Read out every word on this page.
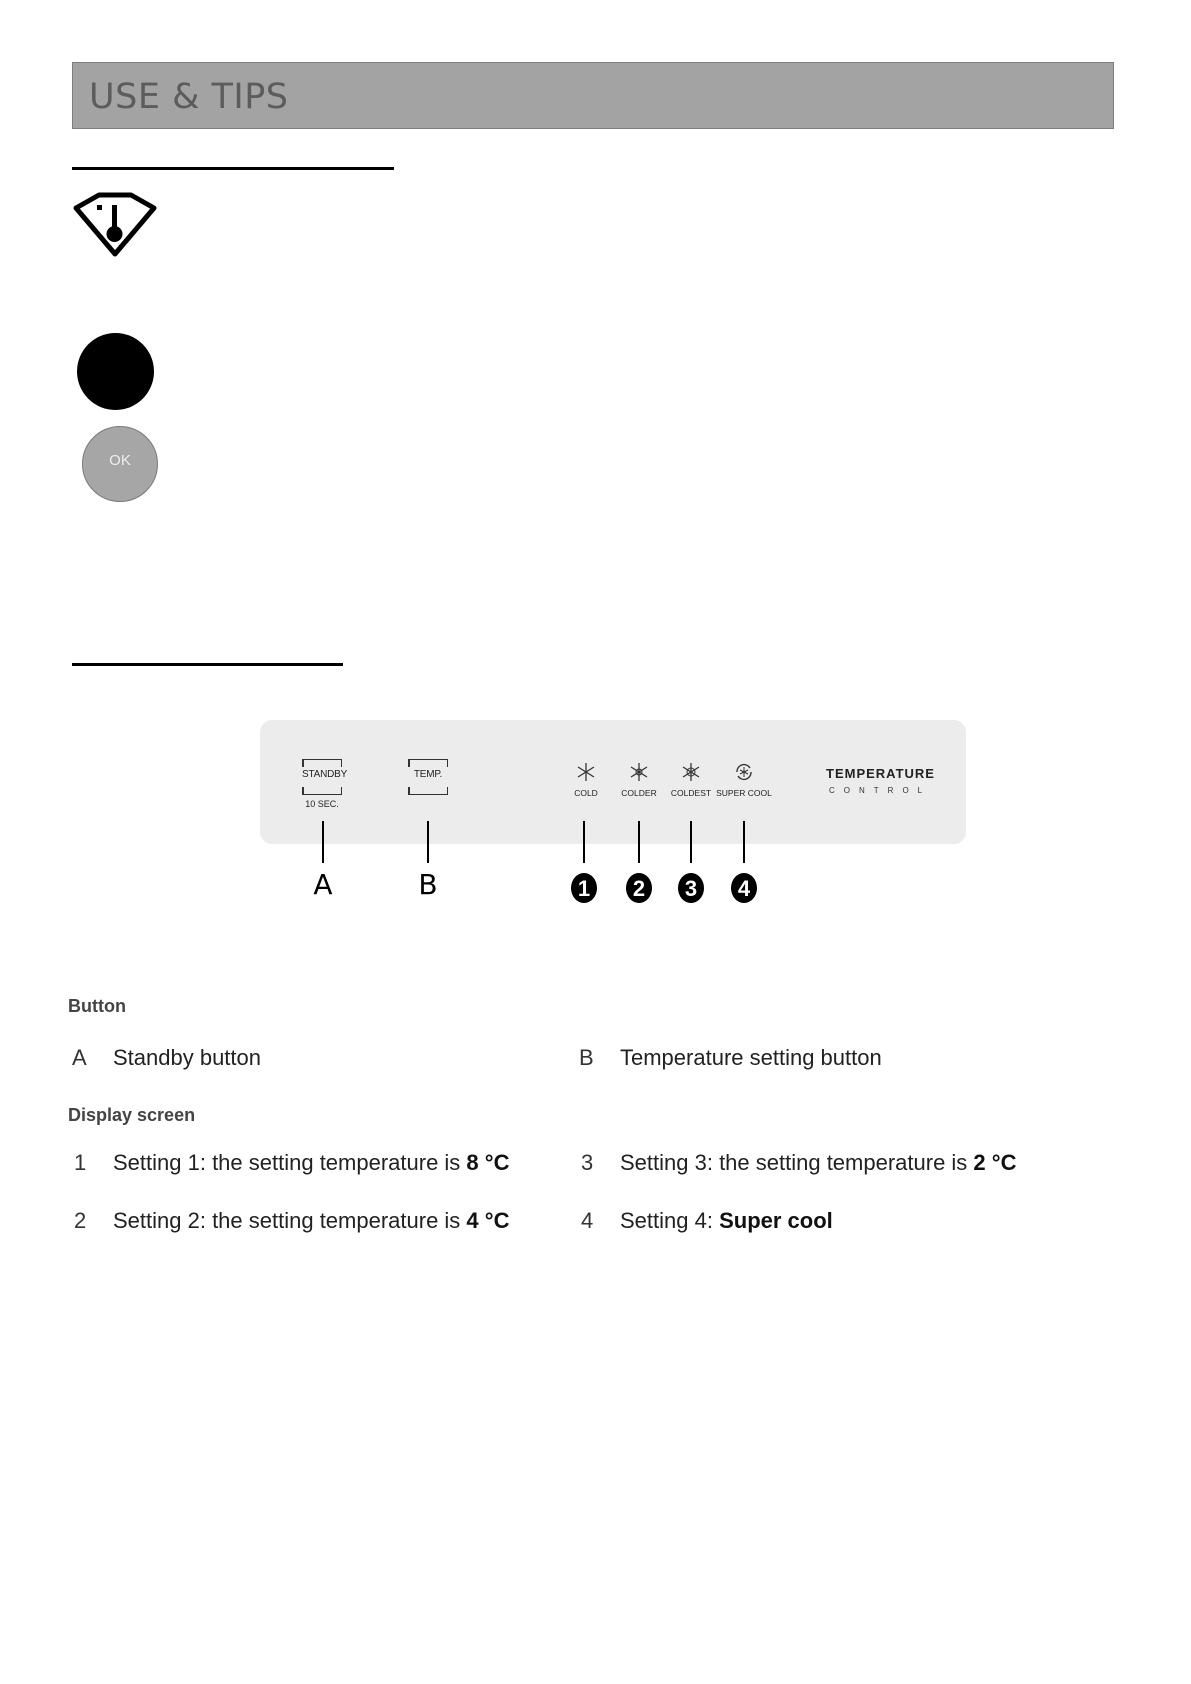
USE & TIPS
OK
STANDBY
10 SEC.
TEMP.
COLD	COLDER	COLDEST SUPER COOL
TEMPERATURE
CONTROL
A	B	1	2	3	4
Button
A Standby button	B Temperature setting button
Display screen
1 Setting 1: the setting temperature is 8 °C	3 Setting 3: the setting temperature is 2 °C
2 Setting 2: the setting temperature is 4 °C	4 Setting 4: Super cool
